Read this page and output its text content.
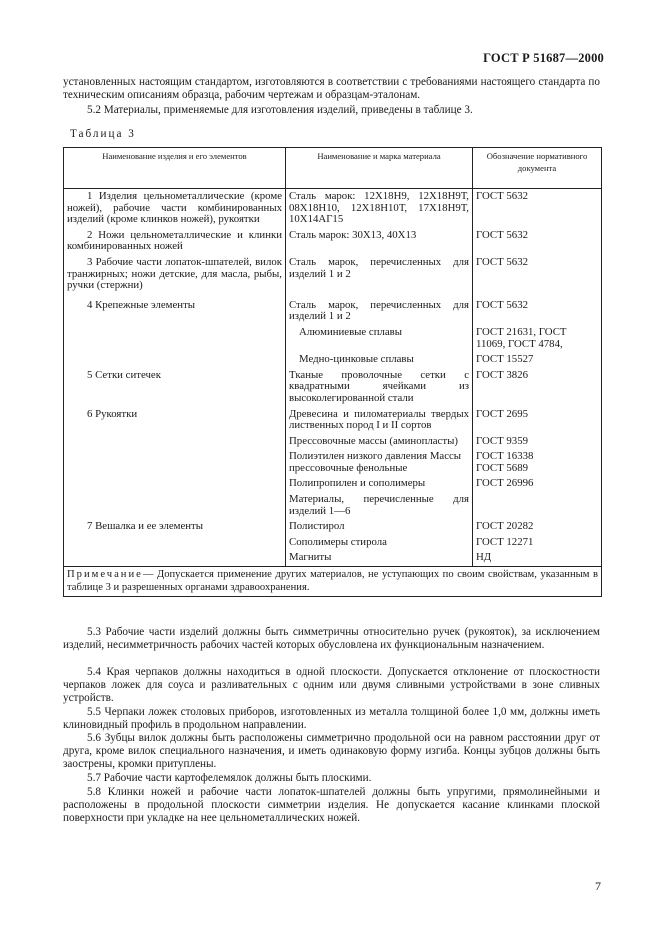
ГОСТ Р 51687—2000
установленных настоящим стандартом, изготовляются в соответствии с требованиями настоящего стандарта по техническим описаниям образца, рабочим чертежам и образцам-эталонам.
5.2 Материалы, применяемые для изготовления изделий, приведены в таблице 3.
Таблица 3
Наименование изделия и его элементов	Наименование и марка материала	Обозначение нормативного документа
1 Изделия цельнометаллические (кроме ножей), рабочие части комбинированных изделий (кроме клинков ножей), рукоятки	Сталь марок: 12Х18Н9, 12Х18Н9Т, 08Х18Н10, 12Х18Н10Т, 17Х18Н9Т, 10Х14АГ15	ГОСТ 5632
2 Ножи цельнометаллические и клинки комбинированных ножей	Сталь марок: 30Х13, 40Х13	ГОСТ 5632
3 Рабочие части лопаток-шпателей, вилок транжирных; ножи детские, для масла, рыбы, ручки (стержни)	Сталь марок, перечисленных для изделий 1 и 2	ГОСТ 5632
4 Крепежные элементы	Сталь марок, перечисленных для изделий 1 и 2	ГОСТ 5632
	Алюминиевые сплавы	ГОСТ 21631, ГОСТ 11069, ГОСТ 4784,
	Медно-цинковые сплавы	ГОСТ 15527
5 Сетки ситечек	Тканые проволочные сетки с квадратными ячейками из высоколегированной стали	ГОСТ 3826
6 Рукоятки	Древесина и пиломатериалы твердых лиственных пород I и II сортов	ГОСТ 2695
	Прессовочные массы (аминопласты)	ГОСТ 9359
	Полиэтилен низкого давления Массы прессовочные фенольные	ГОСТ 16338 ГОСТ 5689
	Полипропилен и сополимеры	ГОСТ 26996
	Материалы, перечисленные для изделий 1—6	
7 Вешалка и ее элементы	Полистирол	ГОСТ 20282
	Сополимеры стирола	ГОСТ 12271
	Магниты	НД
Примечание— Допускается применение других материалов, не уступающих по своим свойствам, указанным в таблице 3 и разрешенных органами здравоохранения.		
5.3 Рабочие части изделий должны быть симметричны относительно ручек (рукояток), за исключением изделий, несимметричность рабочих частей которых обусловлена их функциональным назначением.
5.4 Края черпаков должны находиться в одной плоскости. Допускается отклонение от плоскостности черпаков ложек для соуса и разливательных с одним или двумя сливными устройствами в зоне сливных устройств.
5.5 Черпаки ложек столовых приборов, изготовленных из металла толщиной более 1,0 мм, должны иметь клиновидный профиль в продольном направлении.
5.6 Зубцы вилок должны быть расположены симметрично продольной оси на равном расстоянии друг от друга, кроме вилок специального назначения, и иметь одинаковую форму изгиба. Концы зубцов должны быть заострены, кромки притуплены.
5.7 Рабочие части картофелемялок должны быть плоскими.
5.8 Клинки ножей и рабочие части лопаток-шпателей должны быть упругими, прямолинейными и расположены в продольной плоскости симметрии изделия. Не допускается касание клинками плоской поверхности при укладке на нее цельнометаллических ножей.
7
